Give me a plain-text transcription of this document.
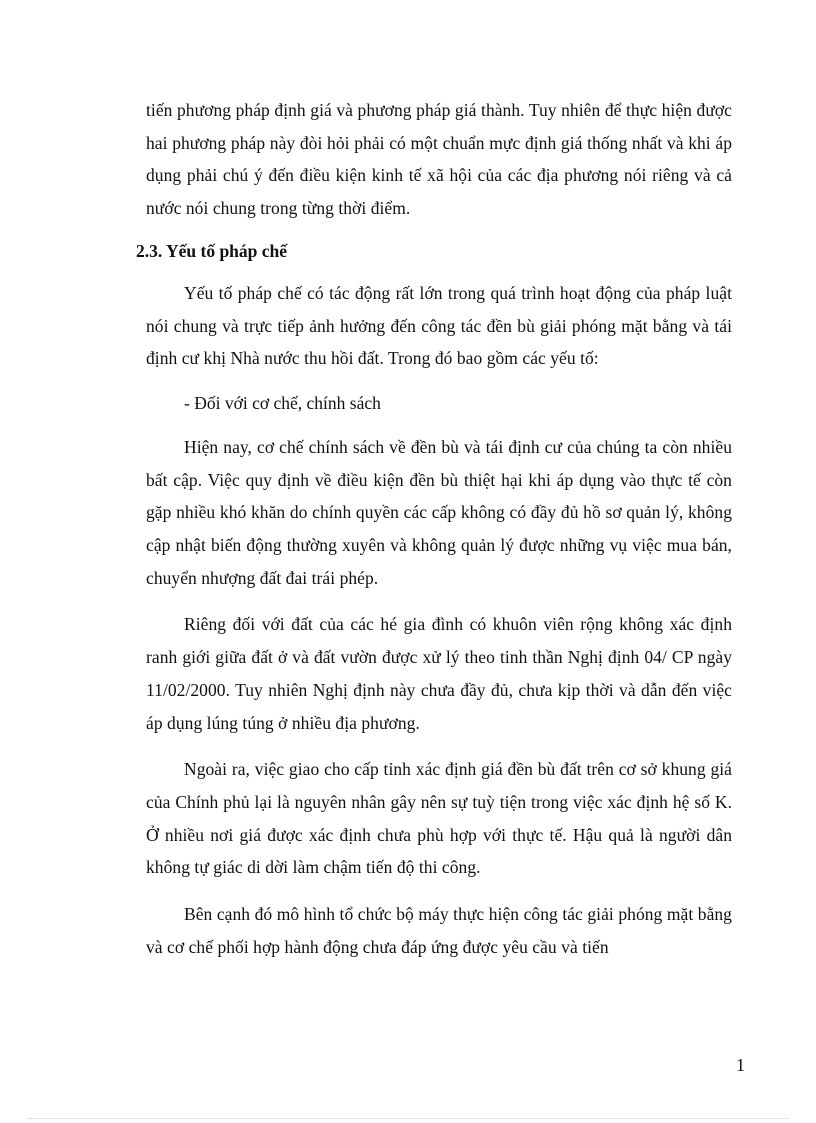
tiến phương pháp định giá và phương pháp giá thành. Tuy nhiên để thực hiện được hai phương pháp này đòi hỏi phải có một chuẩn mực định giá thống nhất và khi áp dụng phải chú ý đến điều kiện kinh tế xã hội của các địa phương nói riêng và cả nước nói chung trong từng thời điểm.

2.3. Yếu tố pháp chế

Yếu tố pháp chế có tác động rất lớn trong quá trình hoạt động của pháp luật nói chung và trực tiếp ảnh hưởng đến công tác đền bù giải phóng mặt bằng và tái định cư khị Nhà nước thu hồi đất. Trong đó bao gồm các yếu tố:

- Đối với cơ chế, chính sách

Hiện nay, cơ chế chính sách về đền bù và tái định cư của chúng ta còn nhiều bất cập. Việc quy định về điều kiện đền bù thiệt hại khi áp dụng vào thực tế còn gặp nhiều khó khăn do chính quyền các cấp không có đầy đủ hồ sơ quản lý, không cập nhật biến động thường xuyên và không quản lý được những vụ việc mua bán, chuyển nhượng đất đai trái phép.

Riêng đối với đất của các hé gia đình có khuôn viên rộng không xác định ranh giới giữa đất ở và đất vườn được xử lý theo tinh thần Nghị định 04/ CP ngày 11/02/2000. Tuy nhiên Nghị định này chưa đầy đủ, chưa kịp thời và dẫn đến việc áp dụng lúng túng ở nhiều địa phương.

Ngoài ra, việc giao cho cấp tỉnh xác định giá đền bù đất trên cơ sở khung giá của Chính phủ lại là nguyên nhân gây nên sự tuỳ tiện trong việc xác định hệ số K. Ở nhiều nơi giá được xác định chưa phù hợp với thực tế. Hậu quả là người dân không tự giác di dời làm chậm tiến độ thi công.

Bên cạnh đó mô hình tổ chức bộ máy thực hiện công tác giải phóng mặt bằng và cơ chế phối hợp hành động chưa đáp ứng được yêu cầu và tiến

1
